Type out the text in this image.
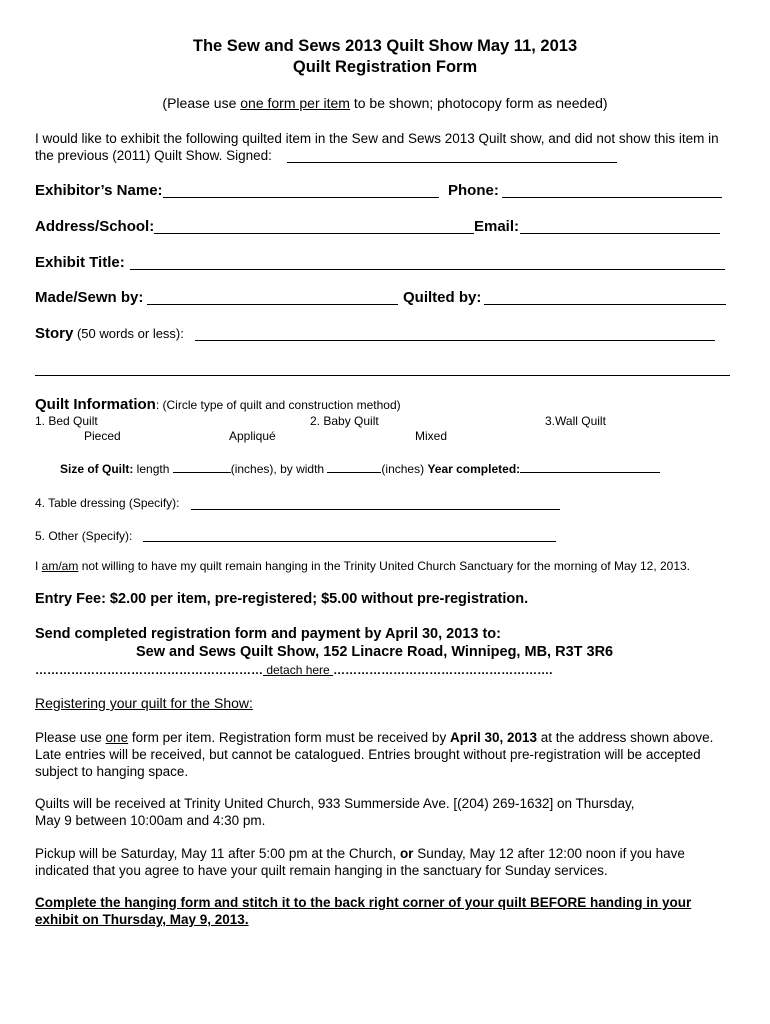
The Sew and Sews 2013 Quilt Show May 11, 2013
Quilt Registration Form
(Please use one form per item to be shown; photocopy form as needed)
I would like to exhibit the following quilted item in the Sew and Sews 2013 Quilt show, and did not show this item in
the previous (2011) Quilt Show. Signed:
Exhibitor’s Name:	Phone:
Address/School:	Email:
Exhibit Title:
Made/Sewn by:	Quilted by:
Story (50 words or less):
Quilt Information: (Circle type of quilt and construction method)
1. Bed Quilt	2. Baby Quilt	3.Wall Quilt
Pieced	Appliqué	Mixed
Size of Quilt: length	(inches), by width	(inches) Year completed:
4. Table dressing (Specify):
5. Other (Specify):
I am/am not willing to have my quilt remain hanging in the Trinity United Church Sanctuary for the morning of May 12, 2013.
Entry Fee: $2.00 per item, pre-registered; $5.00 without pre-registration.
Send completed registration form and payment by April 30, 2013 to:
Sew and Sews Quilt Show, 152 Linacre Road, Winnipeg, MB, R3T 3R6
………………………………………………… detach here ……………………………………………….
Registering your quilt for the Show:
Please use one form per item. Registration form must be received by April 30, 2013 at the address shown above.
Late entries will be received, but cannot be catalogued. Entries brought without pre-registration will be accepted
subject to hanging space.
Quilts will be received at Trinity United Church, 933 Summerside Ave. [(204) 269-1632] on Thursday,
May 9 between 10:00am and 4:30 pm.
Pickup will be Saturday, May 11 after 5:00 pm at the Church, or Sunday, May 12 after 12:00 noon if you have
indicated that you agree to have your quilt remain hanging in the sanctuary for Sunday services.
Complete the hanging form and stitch it to the back right corner of your quilt BEFORE handing in your
exhibit on Thursday, May 9, 2013.
